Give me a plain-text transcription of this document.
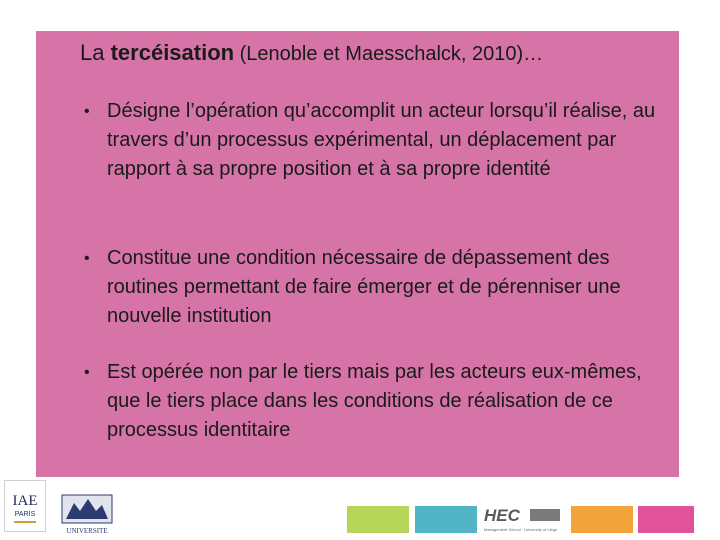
La tercéisation (Lenoble et Maesschalck, 2010)…
• Désigne l’opération qu’accomplit un acteur lorsqu’il réalise, au travers d’un processus expérimental, un déplacement par rapport à sa propre position et à sa propre identité
• Constitue une condition nécessaire de dépassement des routines permettant de faire émerger et de pérenniser une nouvelle institution
• Est opérée non par le tiers mais par les acteurs eux-mêmes, que le tiers place dans les conditions de réalisation de ce processus identitaire
IAE
PARIS
UNIVERSITE
HEC
Management School · University of Liège
